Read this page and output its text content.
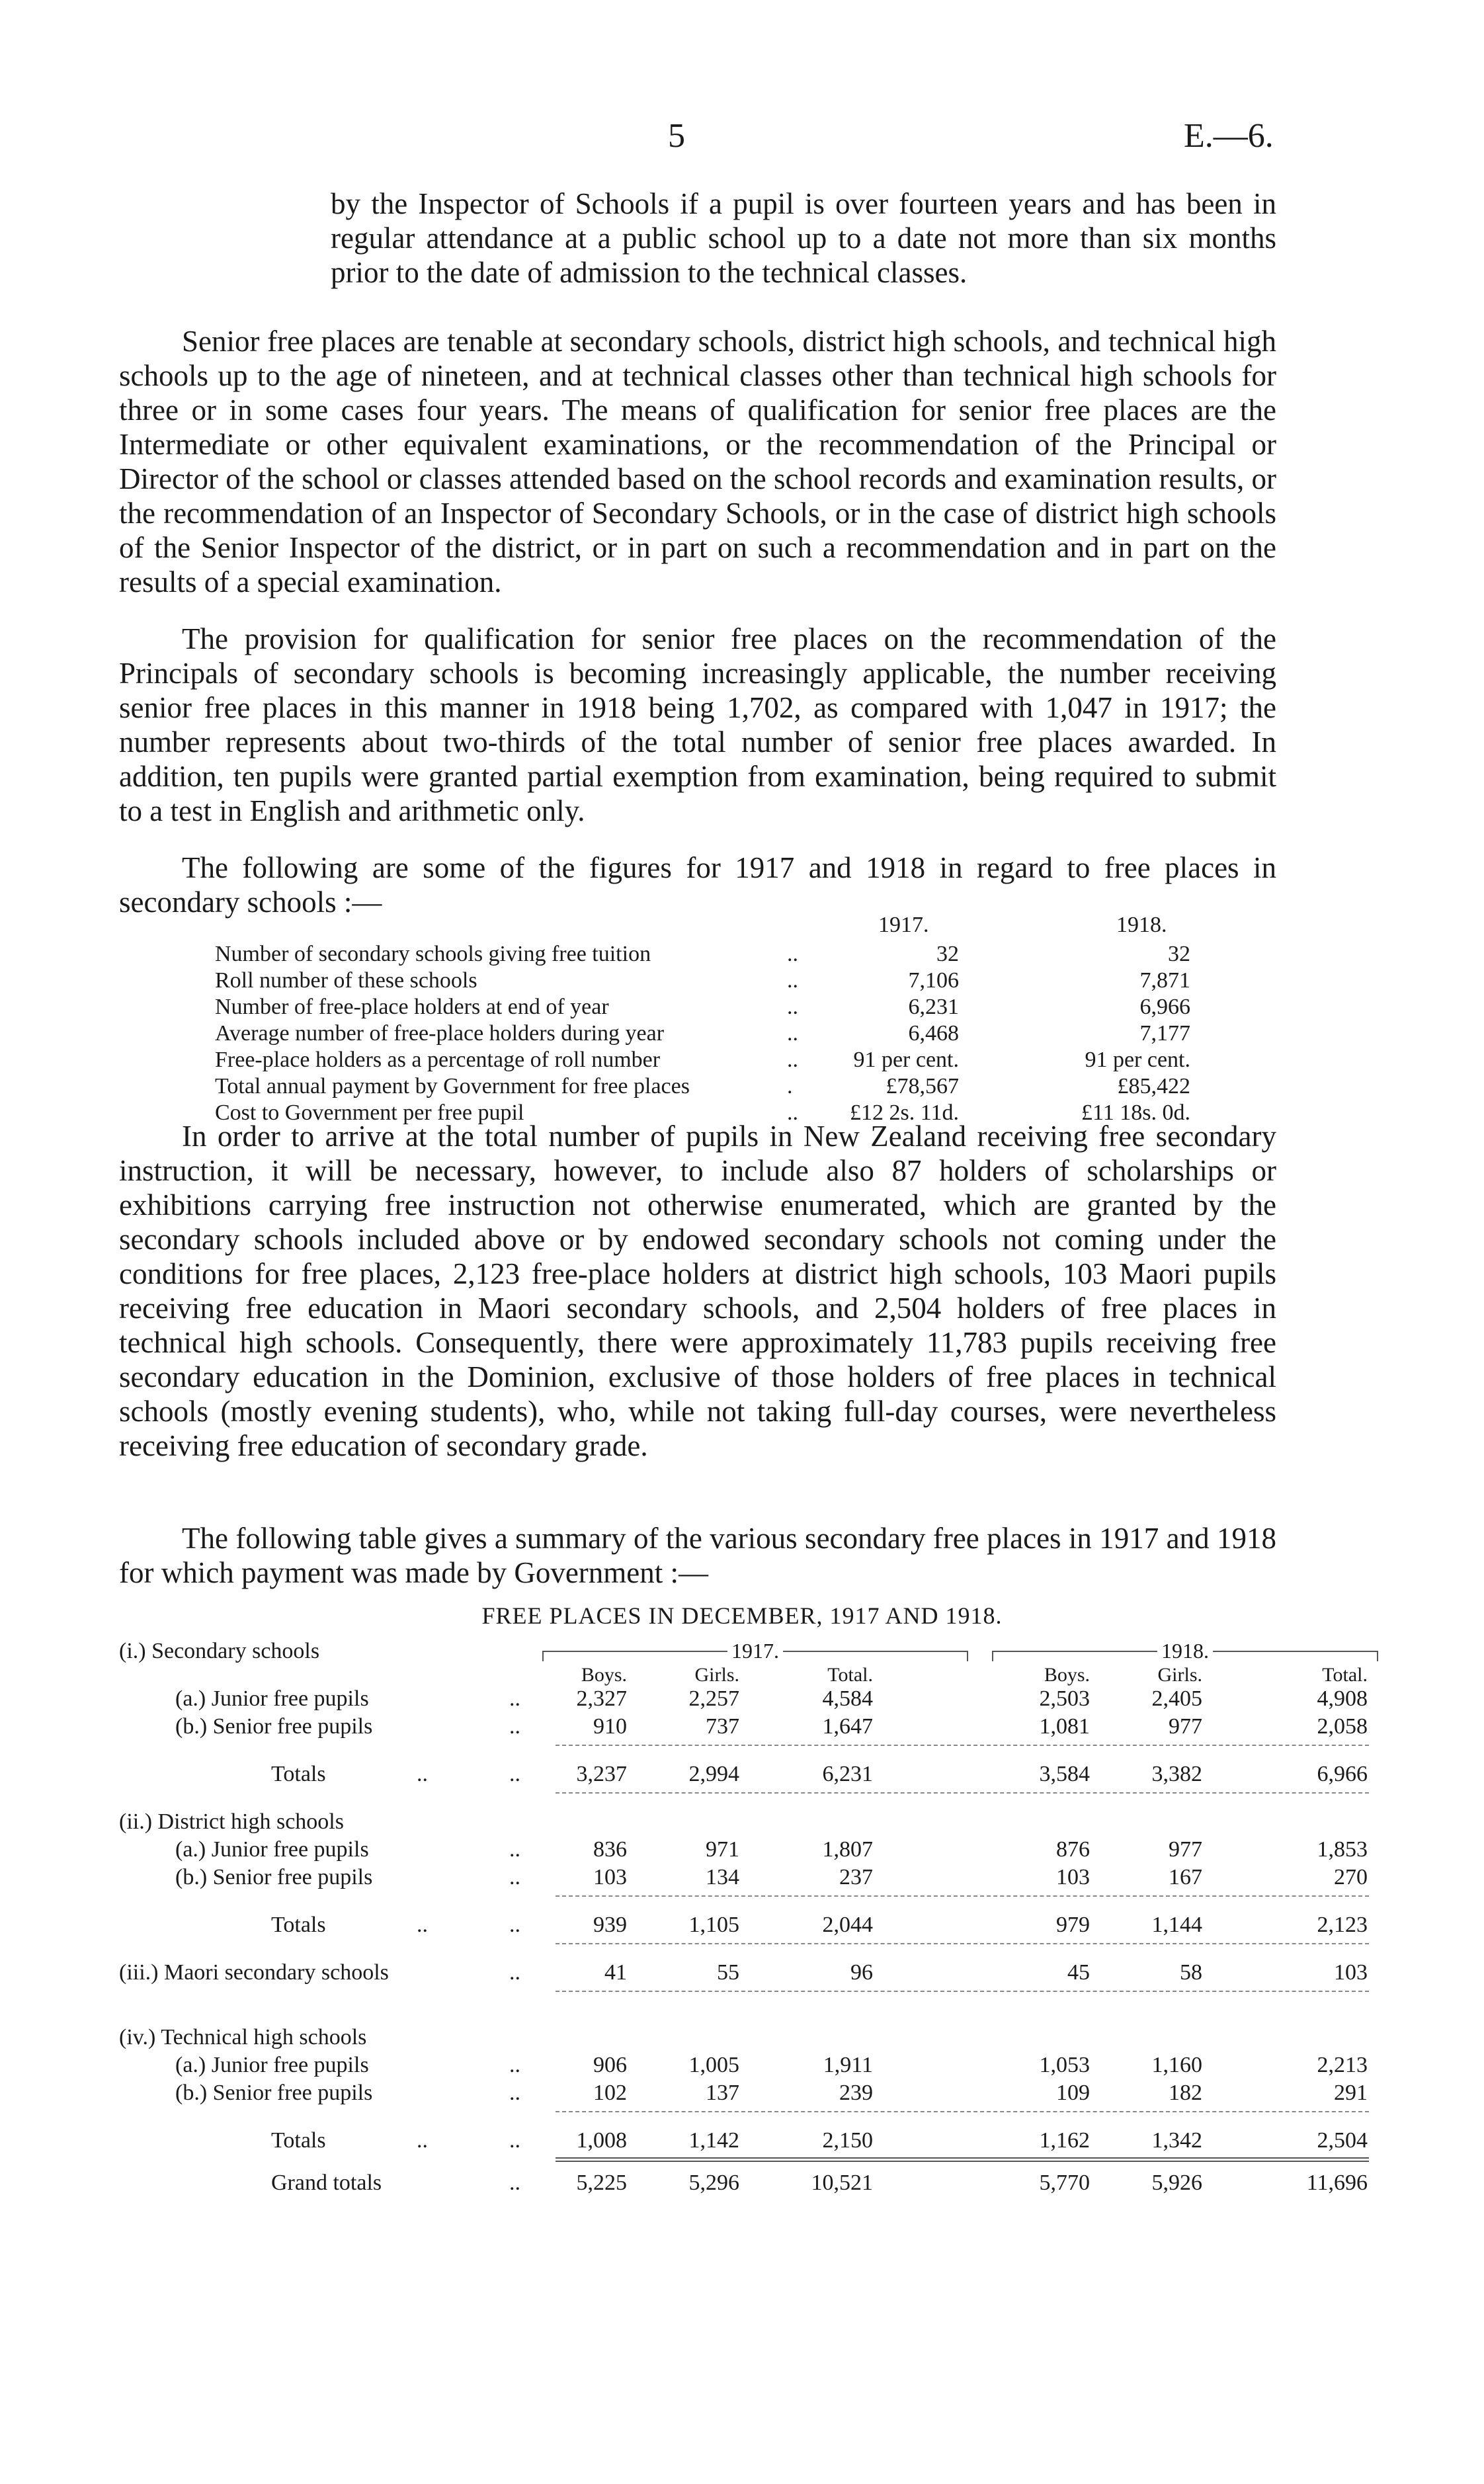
5	E.—6.

by the Inspector of Schools if a pupil is over fourteen years and has been in regular attendance at a public school up to a date not more than six months prior to the date of admission to the technical classes.

Senior free places are tenable at secondary schools, district high schools, and technical high schools up to the age of nineteen, and at technical classes other than technical high schools for three or in some cases four years. The means of qualification for senior free places are the Intermediate or other equivalent examinations, or the recommendation of the Principal or Director of the school or classes attended based on the school records and examination results, or the recommendation of an Inspector of Secondary Schools, or in the case of district high schools of the Senior Inspector of the district, or in part on such a recommendation and in part on the results of a special examination.

The provision for qualification for senior free places on the recommendation of the Principals of secondary schools is becoming increasingly applicable, the number receiving senior free places in this manner in 1918 being 1,702, as compared with 1,047 in 1917; the number represents about two-thirds of the total number of senior free places awarded. In addition, ten pupils were granted partial exemption from examination, being required to submit to a test in English and arithmetic only.

The following are some of the figures for 1917 and 1918 in regard to free places in secondary schools :—

1917.	1918.
Number of secondary schools giving free tuition	..	32	32
Roll number of these schools	..	7,106	7,871
Number of free-place holders at end of year	..	6,231	6,966
Average number of free-place holders during year	..	6,468	7,177
Free-place holders as a percentage of roll number	..	91 per cent.	91 per cent.
Total annual payment by Government for free places	.	£78,567	£85,422
Cost to Government per free pupil	..	£12 2s. 11d.	£11 18s. 0d.

In order to arrive at the total number of pupils in New Zealand receiving free secondary instruction, it will be necessary, however, to include also 87 holders of scholarships or exhibitions carrying free instruction not otherwise enumerated, which are granted by the secondary schools included above or by endowed secondary schools not coming under the conditions for free places, 2,123 free-place holders at district high schools, 103 Maori pupils receiving free education in Maori secondary schools, and 2,504 holders of free places in technical high schools. Consequently, there were approximately 11,783 pupils receiving free secondary education in the Dominion, exclusive of those holders of free places in technical schools (mostly evening students), who, while not taking full-day courses, were nevertheless receiving free education of secondary grade.

The following table gives a summary of the various secondary free places in 1917 and 1918 for which payment was made by Government :—

FREE PLACES IN DECEMBER, 1917 AND 1918.
(i.) Secondary schools	1917.	1918.
Boys.	Girls.	Total.	Boys.	Girls.	Total.
(a.) Junior free pupils	..	2,327	2,257	4,584	2,503	2,405	4,908
(b.) Senior free pupils	..	910	737	1,647	1,081	977	2,058
Totals	..	..	3,237	2,994	6,231	3,584	3,382	6,966
(ii.) District high schools
(a.) Junior free pupils	..	836	971	1,807	876	977	1,853
(b.) Senior free pupils	..	103	134	237	103	167	270
Totals	..	..	939	1,105	2,044	979	1,144	2,123
(iii.) Maori secondary schools	..	41	55	96	45	58	103
(iv.) Technical high schools
(a.) Junior free pupils	..	906	1,005	1,911	1,053	1,160	2,213
(b.) Senior free pupils	..	102	137	239	109	182	291
Totals	..	..	1,008	1,142	2,150	1,162	1,342	2,504
Grand totals	..	5,225	5,296	10,521	5,770	5,926	11,696
